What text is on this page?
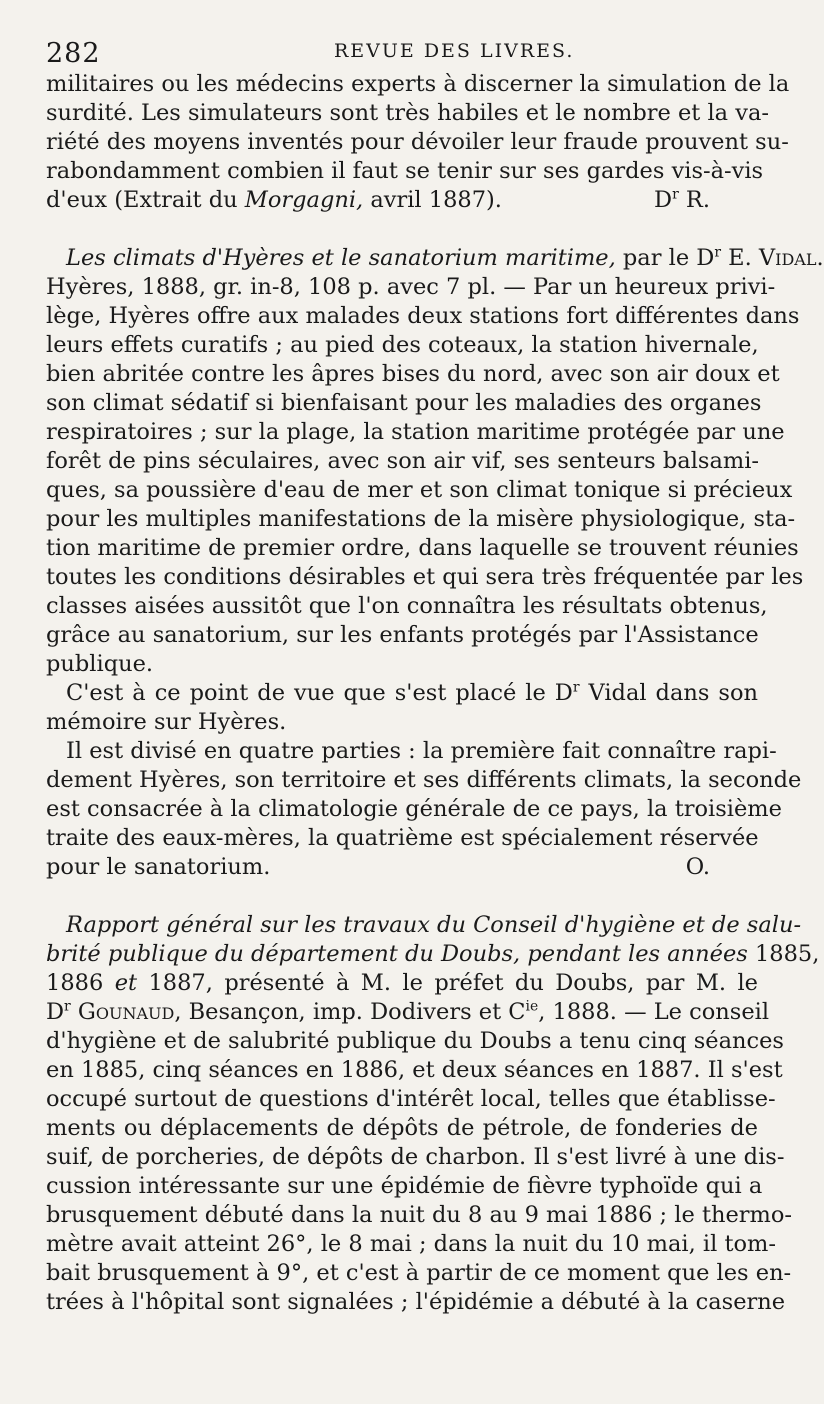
282	REVUE DES LIVRES.
militaires ou les médecins experts à discerner la simulation de la
surdité. Les simulateurs sont très habiles et le nombre et la va-
riété des moyens inventés pour dévoiler leur fraude prouvent su-
rabondamment combien il faut se tenir sur ses gardes vis-à-vis
d'eux (Extrait du Morgagni, avril 1887).	$D^r$ R.
Les climats d'Hyères et le sanatorium maritime, par le $D^r$ E. Vidal.
Hyères, 1888, gr. in-8, 108 p. avec 7 pl. — Par un heureux privi-
lège, Hyères offre aux malades deux stations fort différentes dans
leurs effets curatifs ; au pied des coteaux, la station hivernale,
bien abritée contre les âpres bises du nord, avec son air doux et
son climat sédatif si bienfaisant pour les maladies des organes
respiratoires ; sur la plage, la station maritime protégée par une
forêt de pins séculaires, avec son air vif, ses senteurs balsami-
ques, sa poussière d'eau de mer et son climat tonique si précieux
pour les multiples manifestations de la misère physiologique, sta-
tion maritime de premier ordre, dans laquelle se trouvent réunies
toutes les conditions désirables et qui sera très fréquentée par les
classes aisées aussitôt que l'on connaîtra les résultats obtenus,
grâce au sanatorium, sur les enfants protégés par l'Assistance
publique.
C'est à ce point de vue que s'est placé le $D^r$ Vidal dans son
mémoire sur Hyères.
Il est divisé en quatre parties : la première fait connaître rapi-
dement Hyères, son territoire et ses différents climats, la seconde
est consacrée à la climatologie générale de ce pays, la troisième
traite des eaux-mères, la quatrième est spécialement réservée
pour le sanatorium.	O.
Rapport général sur les travaux du Conseil d'hygiène et de salu-
brité publique du département du Doubs, pendant les années 1885,
1886 et 1887, présenté à M. le préfet du Doubs, par M. le
$D^r$ Gounaud, Besançon, imp. Dodivers et $C^{ie}$, 1888. — Le conseil
d'hygiène et de salubrité publique du Doubs a tenu cinq séances
en 1885, cinq séances en 1886, et deux séances en 1887. Il s'est
occupé surtout de questions d'intérêt local, telles que établisse-
ments ou déplacements de dépôts de pétrole, de fonderies de
suif, de porcheries, de dépôts de charbon. Il s'est livré à une dis-
cussion intéressante sur une épidémie de fièvre typhoïde qui a
brusquement débuté dans la nuit du 8 au 9 mai 1886 ; le thermo-
mètre avait atteint 26°, le 8 mai ; dans la nuit du 10 mai, il tom-
bait brusquement à 9°, et c'est à partir de ce moment que les en-
trées à l'hôpital sont signalées ; l'épidémie a débuté à la caserne
